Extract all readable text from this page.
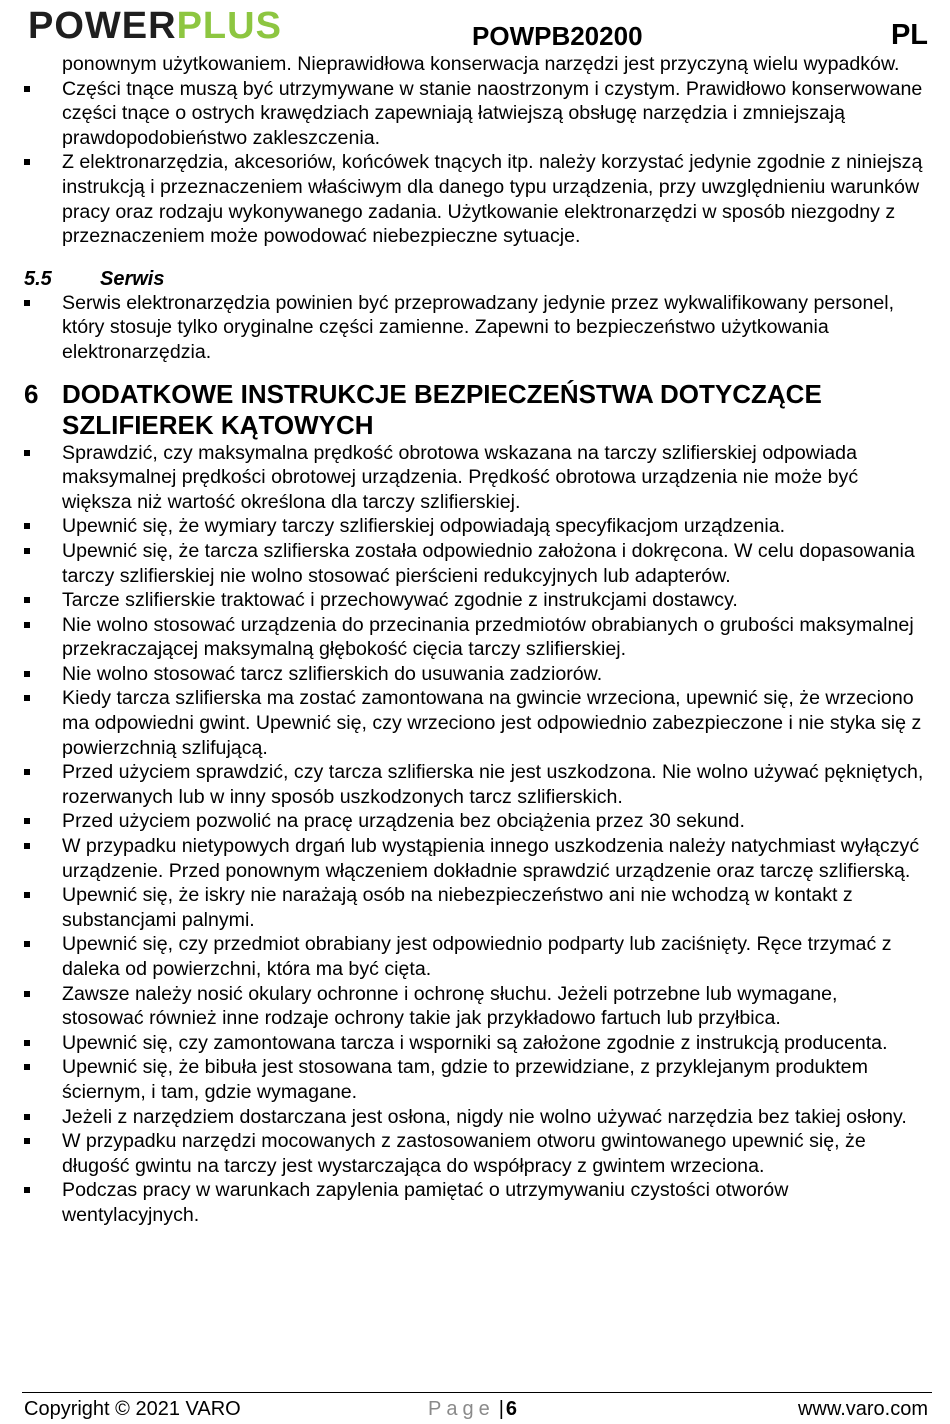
POWERPLUS	POWPB20200	PL

ponownym użytkowaniem. Nieprawidłowa konserwacja narzędzi jest przyczyną wielu wypadków.

Części tnące muszą być utrzymywane w stanie naostrzonym i czystym. Prawidłowo konserwowane części tnące o ostrych krawędziach zapewniają łatwiejszą obsługę narzędzia i zmniejszają prawdopodobieństwo zakleszczenia.

Z elektronarzędzia, akcesoriów, końcówek tnących itp. należy korzystać jedynie zgodnie z niniejszą instrukcją i przeznaczeniem właściwym dla danego typu urządzenia, przy uwzględnieniu warunków pracy oraz rodzaju wykonywanego zadania. Użytkowanie elektronarzędzi w sposób niezgodny z przeznaczeniem może powodować niebezpieczne sytuacje.

5.5 Serwis

Serwis elektronarzędzia powinien być przeprowadzany jedynie przez wykwalifikowany personel, który stosuje tylko oryginalne części zamienne. Zapewni to bezpieczeństwo użytkowania elektronarzędzia.

6 DODATKOWE INSTRUKCJE BEZPIECZEŃSTWA DOTYCZĄCE SZLIFIEREK KĄTOWYCH

Sprawdzić, czy maksymalna prędkość obrotowa wskazana na tarczy szlifierskiej odpowiada maksymalnej prędkości obrotowej urządzenia. Prędkość obrotowa urządzenia nie może być większa niż wartość określona dla tarczy szlifierskiej.

Upewnić się, że wymiary tarczy szlifierskiej odpowiadają specyfikacjom urządzenia.

Upewnić się, że tarcza szlifierska została odpowiednio założona i dokręcona. W celu dopasowania tarczy szlifierskiej nie wolno stosować pierścieni redukcyjnych lub adapterów.

Tarcze szlifierskie traktować i przechowywać zgodnie z instrukcjami dostawcy.

Nie wolno stosować urządzenia do przecinania przedmiotów obrabianych o grubości maksymalnej przekraczającej maksymalną głębokość cięcia tarczy szlifierskiej.

Nie wolno stosować tarcz szlifierskich do usuwania zadziorów.

Kiedy tarcza szlifierska ma zostać zamontowana na gwincie wrzeciona, upewnić się, że wrzeciono ma odpowiedni gwint. Upewnić się, czy wrzeciono jest odpowiednio zabezpieczone i nie styka się z powierzchnią szlifującą.

Przed użyciem sprawdzić, czy tarcza szlifierska nie jest uszkodzona. Nie wolno używać pękniętych, rozerwanych lub w inny sposób uszkodzonych tarcz szlifierskich.

Przed użyciem pozwolić na pracę urządzenia bez obciążenia przez 30 sekund.

W przypadku nietypowych drgań lub wystąpienia innego uszkodzenia należy natychmiast wyłączyć urządzenie. Przed ponownym włączeniem dokładnie sprawdzić urządzenie oraz tarczę szlifierską.

Upewnić się, że iskry nie narażają osób na niebezpieczeństwo ani nie wchodzą w kontakt z substancjami palnymi.

Upewnić się, czy przedmiot obrabiany jest odpowiednio podparty lub zaciśnięty. Ręce trzymać z daleka od powierzchni, która ma być cięta.

Zawsze należy nosić okulary ochronne i ochronę słuchu. Jeżeli potrzebne lub wymagane, stosować również inne rodzaje ochrony takie jak przykładowo fartuch lub przyłbica.

Upewnić się, czy zamontowana tarcza i wsporniki są założone zgodnie z instrukcją producenta.

Upewnić się, że bibuła jest stosowana tam, gdzie to przewidziane, z przyklejanym produktem ściernym, i tam, gdzie wymagane.

Jeżeli z narzędziem dostarczana jest osłona, nigdy nie wolno używać narzędzia bez takiej osłony.

W przypadku narzędzi mocowanych z zastosowaniem otworu gwintowanego upewnić się, że długość gwintu na tarczy jest wystarczająca do współpracy z gwintem wrzeciona.

Podczas pracy w warunkach zapylenia pamiętać o utrzymywaniu czystości otworów wentylacyjnych.

Copyright © 2021 VARO	Page | 6	www.varo.com
